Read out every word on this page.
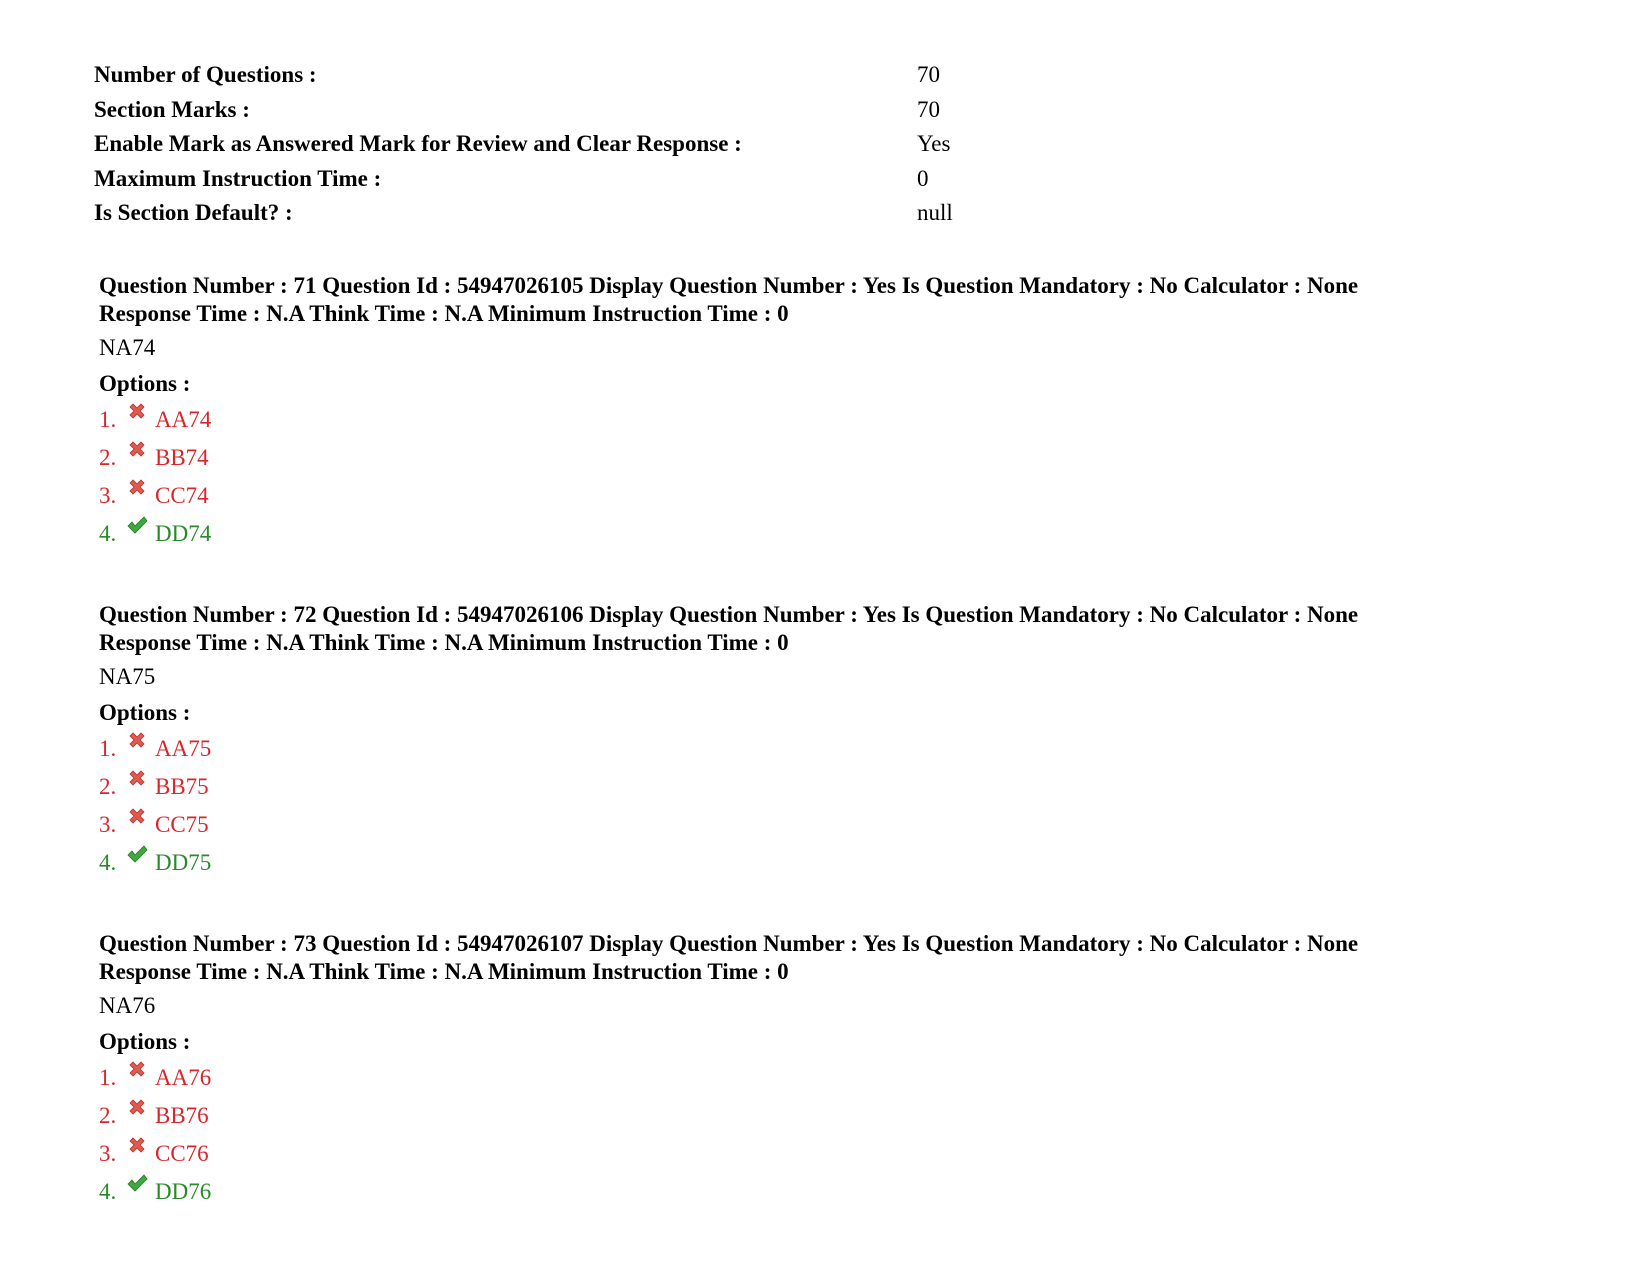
Number of Questions :	70
Section Marks :	70
Enable Mark as Answered Mark for Review and Clear Response :	Yes
Maximum Instruction Time :	0
Is Section Default? :	null
Question Number : 71 Question Id : 54947026105 Display Question Number : Yes Is Question Mandatory : No Calculator : None
Response Time : N.A Think Time : N.A Minimum Instruction Time : 0
NA74
Options :
1. AA74
2. BB74
3. CC74
4. DD74
Question Number : 72 Question Id : 54947026106 Display Question Number : Yes Is Question Mandatory : No Calculator : None
Response Time : N.A Think Time : N.A Minimum Instruction Time : 0
NA75
Options :
1. AA75
2. BB75
3. CC75
4. DD75
Question Number : 73 Question Id : 54947026107 Display Question Number : Yes Is Question Mandatory : No Calculator : None
Response Time : N.A Think Time : N.A Minimum Instruction Time : 0
NA76
Options :
1. AA76
2. BB76
3. CC76
4. DD76
